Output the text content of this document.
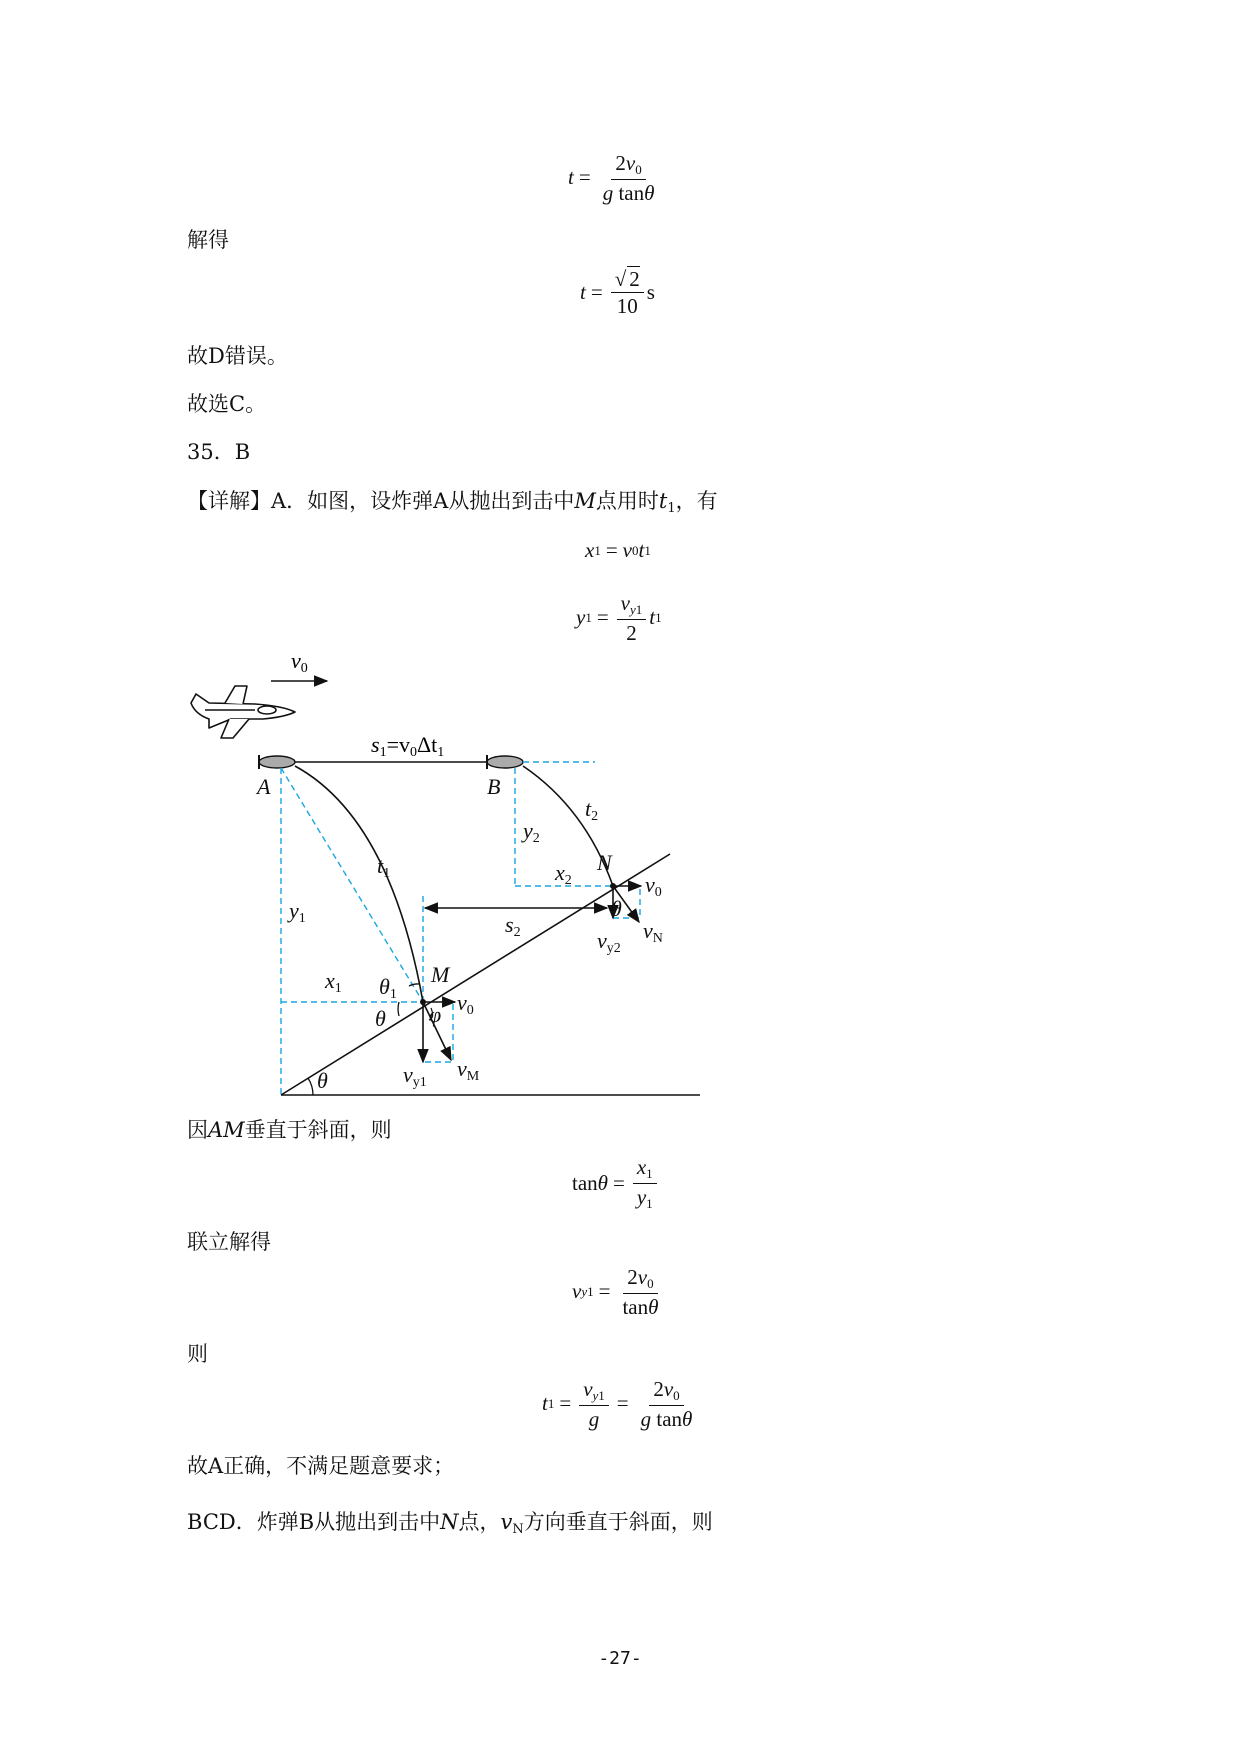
$t = \frac{2v_0}{\text{g tanθ}}$
解得
$t = \frac{√ 2}{10}$ s
故D错误。
故选C。
35．B
【详解】A．如图，设炸弹A从抛出到击中M点用时$t_1$，有
x 1 = v 0 t 1
y $1 = \frac{v_{y1}}{2}$ t 1
v0
s1=v0Δt1
A	B
t1
t2
y1
y2
x1
x2
s2
M
N
θ
θ
θ1
θ
φ v0
v0
vy1
vM
vy2
vN
因AM垂直于斜面，则
$\tan \theta = \frac{x_1}{y_1}$
联立解得
v $y1 = \frac{2v_0}{\tan\theta}$
则
t $1 = \frac{v_{y1}}{g} = \frac{2v_0}{\text{g tanθ}}$
故A正确，不满足题意要求；
BCD．炸弹B从抛出到击中N点，$v_N$方向垂直于斜面，则
-27-
